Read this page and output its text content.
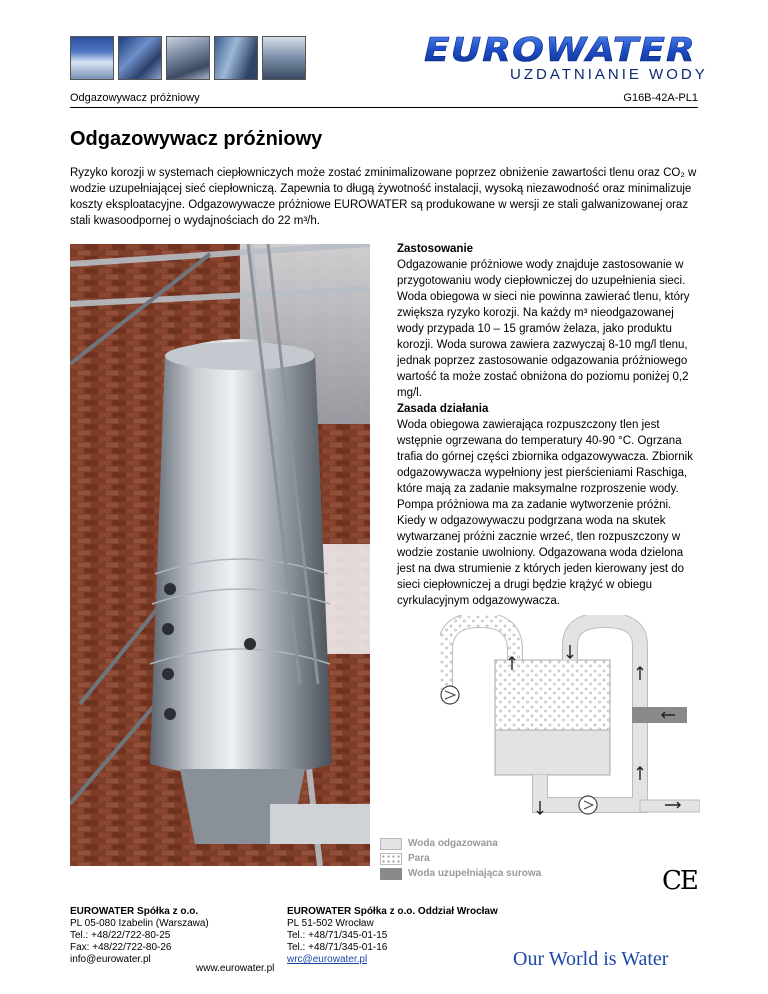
EUROWATER
UZDATNIANIE WODY
Odgazowywacz próżniowy	G16B-42A-PL1
Odgazowywacz próżniowy
Ryzyko korozji w systemach ciepłowniczych może zostać zminimalizowane poprzez obniżenie zawartości tlenu oraz CO₂ w wodzie uzupełniającej sieć ciepłowniczą. Zapewnia to długą żywotność instalacji, wysoką niezawodność oraz minimalizuje koszty eksploatacyjne. Odgazowywacze próżniowe EUROWATER są produkowane w wersji ze stali galwanizowanej oraz stali kwasoodpornej o wydajnościach do 22 m³/h.
Zastosowanie

Odgazowanie próżniowe wody znajduje zastosowanie w przygotowaniu wody ciepłowniczej do uzupełnienia sieci. Woda obiegowa w sieci nie powinna zawierać tlenu, który zwiększa ryzyko korozji. Na każdy m³ nieodgazowanej wody przypada 10 – 15 gramów żelaza, jako produktu korozji. Woda surowa zawiera zazwyczaj 8-10 mg/l tlenu, jednak poprzez zastosowanie odgazowania próżniowego wartość ta może zostać obniżona do poziomu poniżej 0,2 mg/l.

Zasada działania

Woda obiegowa zawierająca rozpuszczony tlen jest wstępnie ogrzewana do temperatury 40-90 °C. Ogrzana trafia do górnej części zbiornika odgazowywacza. Zbiornik odgazowywacza wypełniony jest pierścieniami Raschiga, które mają za zadanie maksymalne rozproszenie wody. Pompa próżniowa ma za zadanie wytworzenie próżni. Kiedy w odgazowywaczu podgrzana woda na skutek wytwarzanej próżni zacznie wrzeć, tlen rozpuszczony w wodzie zostanie uwolniony. Odgazowana woda dzielona jest na dwa strumienie z których jeden kierowany jest do sieci ciepłowniczej a drugi będzie krążyć w obiegu cyrkulacyjnym odgazowywacza.

Woda odgazowana
Para
Woda uzupełniająca surowa	CE
EUROWATER Spółka z o.o.
PL 05-080 Izabelin (Warszawa)
Tel.: +48/22/722-80-25
Fax: +48/22/722-80-26
info@eurowater.pl
www.eurowater.pl
EUROWATER Spółka z o.o. Oddział Wrocław
PL 51-502 Wrocław
Tel.: +48/71/345-01-15
Tel.: +48/71/345-01-16
wrc@eurowater.pl	Our World is Water
